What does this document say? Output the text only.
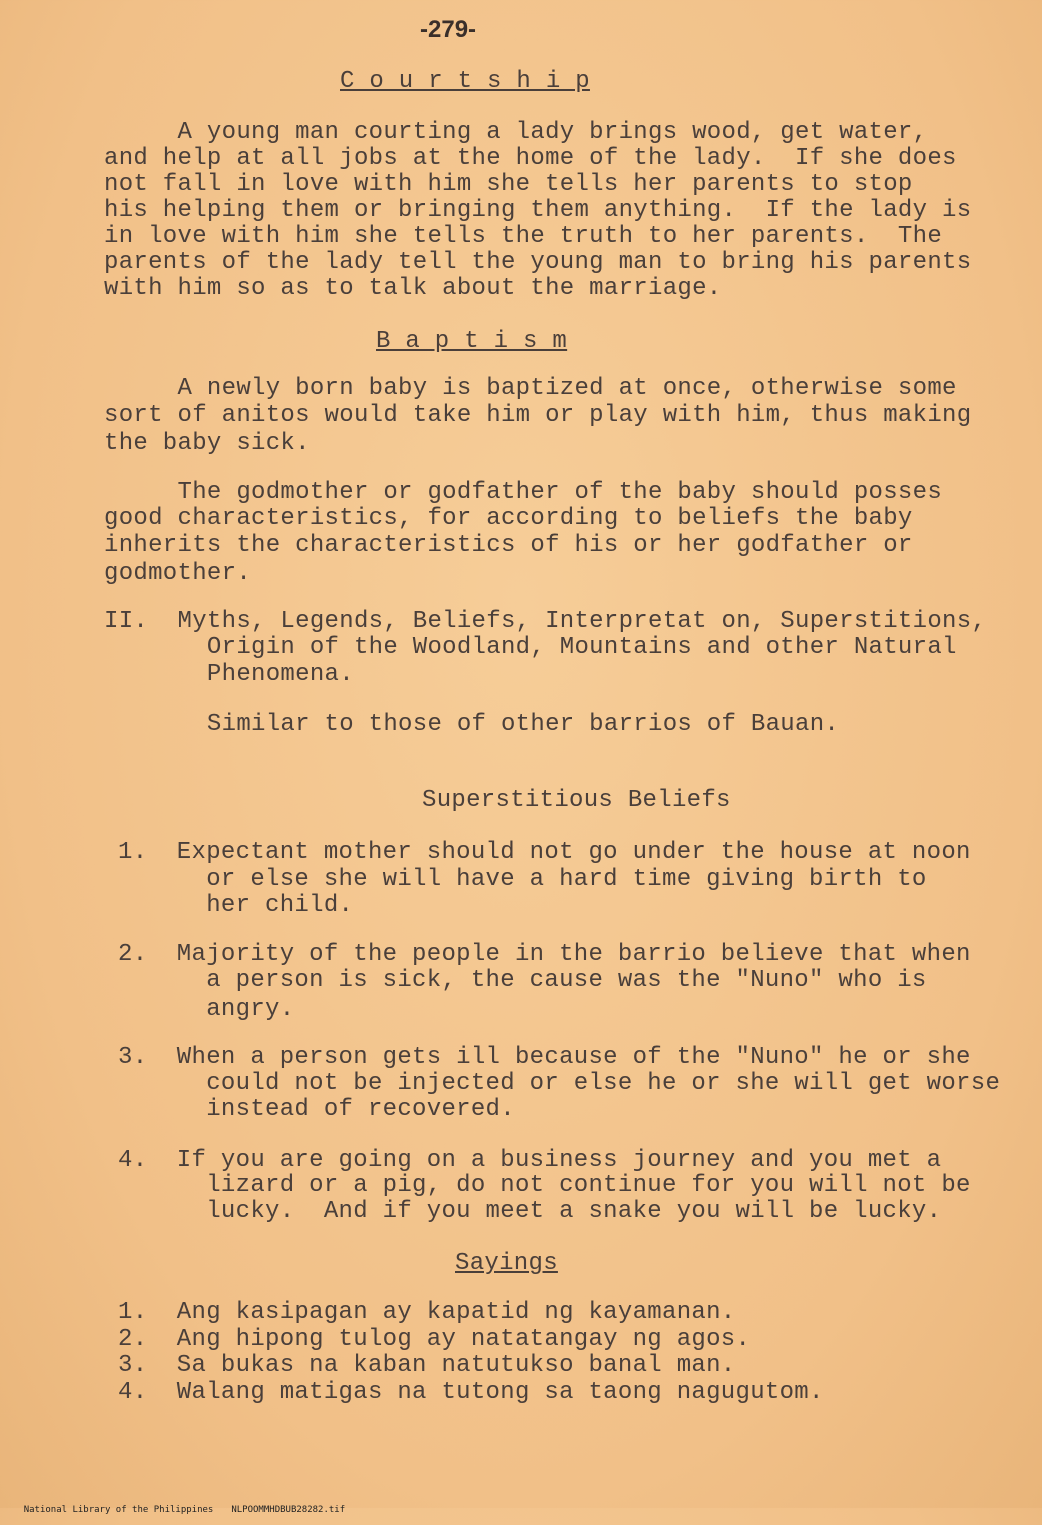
-279-
C o u r t s h i p
A young man courting a lady brings wood, get water,
and help at all jobs at the home of the lady.  If she does
not fall in love with him she tells her parents to stop
his helping them or bringing them anything.  If the lady is
in love with him she tells the truth to her parents.  The
parents of the lady tell the young man to bring his parents
with him so as to talk about the marriage.
B a p t i s m
A newly born baby is baptized at once, otherwise some
sort of anitos would take him or play with him, thus making
the baby sick.
The godmother or godfather of the baby should posses
good characteristics, for according to beliefs the baby
inherits the characteristics of his or her godfather or
godmother.
II.  Myths, Legends, Beliefs, Interpretat on, Superstitions,
Origin of the Woodland, Mountains and other Natural
Phenomena.
Similar to those of other barrios of Bauan.
Superstitious Beliefs
1.  Expectant mother should not go under the house at noon
or else she will have a hard time giving birth to
her child.
2.  Majority of the people in the barrio believe that when
a person is sick, the cause was the "Nuno" who is
angry.
3.  When a person gets ill because of the "Nuno" he or she
could not be injected or else he or she will get worse
instead of recovered.
4.  If you are going on a business journey and you met a
lizard or a pig, do not continue for you will not be
lucky.  And if you meet a snake you will be lucky.
Sayings
1.  Ang kasipagan ay kapatid ng kayamanan.
2.  Ang hipong tulog ay natatangay ng agos.
3.  Sa bukas na kaban natutukso banal man.
4.  Walang matigas na tutong sa taong nagugutom.

National Library of the Philippines NLPOOMMHDBUB28282.tif
